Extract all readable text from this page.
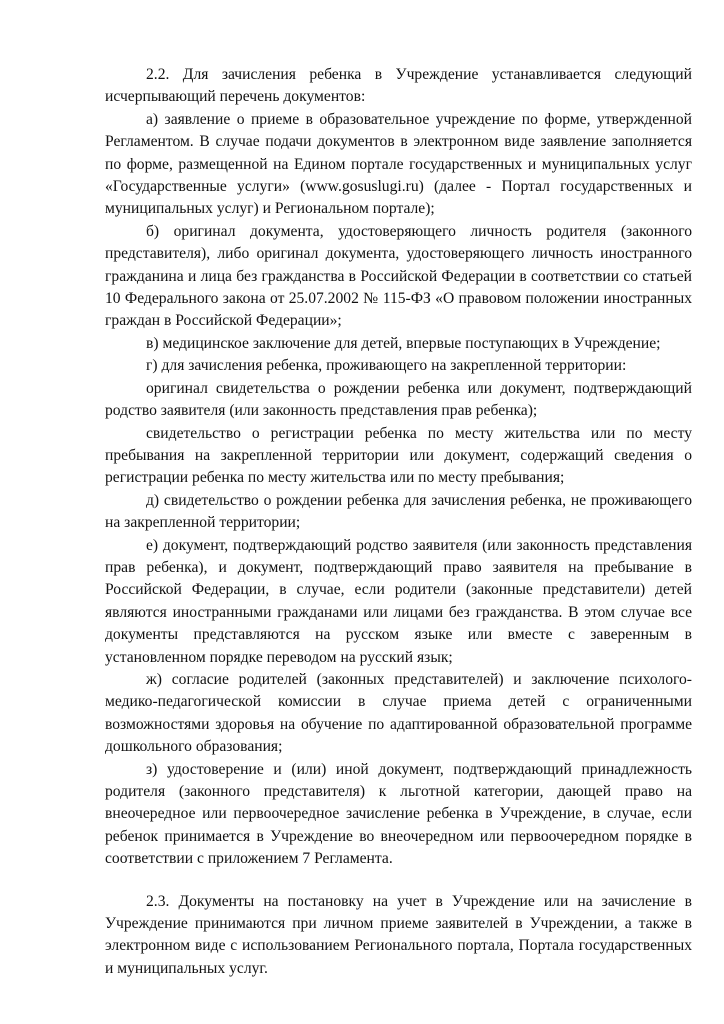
2.2. Для зачисления ребенка в Учреждение устанавливается следующий исчерпывающий перечень документов:

а) заявление о приеме в образовательное учреждение по форме, утвержденной Регламентом. В случае подачи документов в электронном виде заявление заполняется по форме, размещенной на Едином портале государственных и муниципальных услуг «Государственные услуги» (www.gosuslugi.ru) (далее - Портал государственных и муниципальных услуг) и Региональном портале);

б) оригинал документа, удостоверяющего личность родителя (законного представителя), либо оригинал документа, удостоверяющего личность иностранного гражданина и лица без гражданства в Российской Федерации в соответствии со статьей 10 Федерального закона от 25.07.2002 № 115-ФЗ «О правовом положении иностранных граждан в Российской Федерации»;

в) медицинское заключение для детей, впервые поступающих в Учреждение;

г) для зачисления ребенка, проживающего на закрепленной территории:

оригинал свидетельства о рождении ребенка или документ, подтверждающий родство заявителя (или законность представления прав ребенка);

свидетельство о регистрации ребенка по месту жительства или по месту пребывания на закрепленной территории или документ, содержащий сведения о регистрации ребенка по месту жительства или по месту пребывания;

д) свидетельство о рождении ребенка для зачисления ребенка, не проживающего на закрепленной территории;

е) документ, подтверждающий родство заявителя (или законность представления прав ребенка), и документ, подтверждающий право заявителя на пребывание в Российской Федерации, в случае, если родители (законные представители) детей являются иностранными гражданами или лицами без гражданства. В этом случае все документы представляются на русском языке или вместе с заверенным в установленном порядке переводом на русский язык;

ж) согласие родителей (законных представителей) и заключение психолого-медико-педагогической комиссии в случае приема детей с ограниченными возможностями здоровья на обучение по адаптированной образовательной программе дошкольного образования;

з) удостоверение и (или) иной документ, подтверждающий принадлежность родителя (законного представителя) к льготной категории, дающей право на внеочередное или первоочередное зачисление ребенка в Учреждение, в случае, если ребенок принимается в Учреждение во внеочередном или первоочередном порядке в соответствии с приложением 7 Регламента.

2.3. Документы на постановку на учет в Учреждение или на зачисление в Учреждение принимаются при личном приеме заявителей в Учреждении, а также в электронном виде с использованием Регионального портала, Портала государственных и муниципальных услуг.
